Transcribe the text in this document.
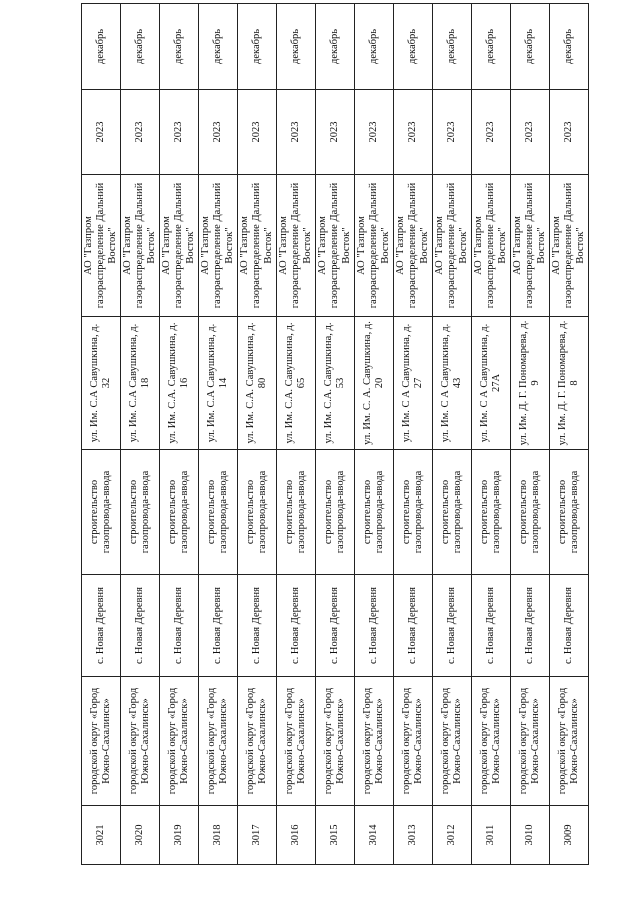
3021	городской округ «Город Южно-Сахалинск»	с. Новая Деревня	строительство газопровода-ввода	ул. Им. С.А Савушкина, д. 32	АО "Газпром газораспределение Дальний Восток"	2023	декабрь
3020	городской округ «Город Южно-Сахалинск»	с. Новая Деревня	строительство газопровода-ввода	ул. Им. С.А Савушкина, д. 18	АО "Газпром газораспределение Дальний Восток"	2023	декабрь
3019	городской округ «Город Южно-Сахалинск»	с. Новая Деревня	строительство газопровода-ввода	ул. Им. С.А. Савушкина, д. 16	АО "Газпром газораспределение Дальний Восток"	2023	декабрь
3018	городской округ «Город Южно-Сахалинск»	с. Новая Деревня	строительство газопровода-ввода	ул. Им. С.А Савушкина, д. 14	АО "Газпром газораспределение Дальний Восток"	2023	декабрь
3017	городской округ «Город Южно-Сахалинск»	с. Новая Деревня	строительство газопровода-ввода	ул. Им. С.А. Савушкина, д. 80	АО "Газпром газораспределение Дальний Восток"	2023	декабрь
3016	городской округ «Город Южно-Сахалинск»	с. Новая Деревня	строительство газопровода-ввода	ул. Им. С.А. Савушкина, д. 65	АО "Газпром газораспределение Дальний Восток"	2023	декабрь
3015	городской округ «Город Южно-Сахалинск»	с. Новая Деревня	строительство газопровода-ввода	ул. Им. С.А. Савушкина, д. 53	АО "Газпром газораспределение Дальний Восток"	2023	декабрь
3014	городской округ «Город Южно-Сахалинск»	с. Новая Деревня	строительство газопровода-ввода	ул. Им. С. А. Савушкина, д. 20	АО "Газпром газораспределение Дальний Восток"	2023	декабрь
3013	городской округ «Город Южно-Сахалинск»	с. Новая Деревня	строительство газопровода-ввода	ул. Им. С А Савушкина, д. 27	АО "Газпром газораспределение Дальний Восток"	2023	декабрь
3012	городской округ «Город Южно-Сахалинск»	с. Новая Деревня	строительство газопровода-ввода	ул. Им. С А Савушкина, д. 43	АО "Газпром газораспределение Дальний Восток"	2023	декабрь
3011	городской округ «Город Южно-Сахалинск»	с. Новая Деревня	строительство газопровода-ввода	ул. Им. С А Савушкина, д. 27А	АО "Газпром газораспределение Дальний Восток"	2023	декабрь
3010	городской округ «Город Южно-Сахалинск»	с. Новая Деревня	строительство газопровода-ввода	ул. Им. Д. Г. Пономарева, д. 9	АО "Газпром газораспределение Дальний Восток"	2023	декабрь
3009	городской округ «Город Южно-Сахалинск»	с. Новая Деревня	строительство газопровода-ввода	ул. Им. Д. Г. Пономарева, д. 8	АО "Газпром газораспределение Дальний Восток"	2023	декабрь
